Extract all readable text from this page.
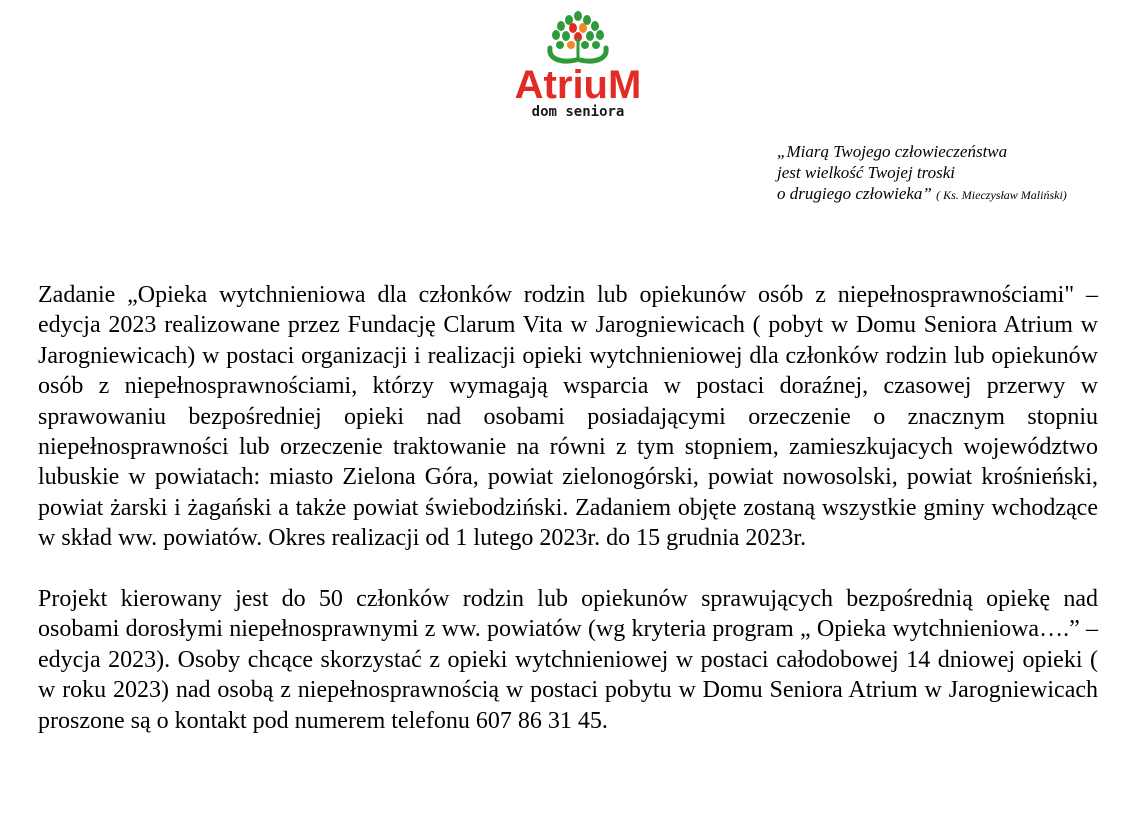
AtriuM
dom seniora
„Miarą Twojego człowieczeństwa
jest wielkość Twojej troski
o drugiego człowieka” ( Ks. Mieczysław Maliński)

Zadanie „Opieka wytchnieniowa dla członków rodzin lub opiekunów osób z niepełnosprawnościami" – edycja 2023 realizowane przez Fundację Clarum Vita w Jarogniewicach ( pobyt w Domu Seniora Atrium w Jarogniewicach) w postaci organizacji i realizacji opieki wytchnieniowej dla członków rodzin lub opiekunów osób z niepełnosprawnościami, którzy wymagają wsparcia w postaci doraźnej, czasowej przerwy w sprawowaniu bezpośredniej opieki nad osobami posiadającymi orzeczenie o znacznym stopniu niepełnosprawności lub orzeczenie traktowanie na równi z tym stopniem, zamieszkujacych województwo lubuskie w powiatach: miasto Zielona Góra, powiat zielonogórski, powiat nowosolski, powiat krośnieński, powiat żarski i żagański a także powiat świebodziński. Zadaniem objęte zostaną wszystkie gminy wchodzące w skład ww. powiatów. Okres realizacji od 1 lutego 2023r. do 15 grudnia 2023r.

Projekt kierowany jest do 50 członków rodzin lub opiekunów sprawujących bezpośrednią opiekę nad osobami dorosłymi niepełnosprawnymi z ww. powiatów (wg kryteria program „ Opieka wytchnieniowa….” – edycja 2023). Osoby chcące skorzystać z opieki wytchnieniowej w postaci całodobowej 14 dniowej opieki ( w roku 2023) nad osobą z niepełnosprawnością w postaci pobytu w Domu Seniora Atrium w Jarogniewicach proszone są o kontakt pod numerem telefonu 607 86 31 45.
